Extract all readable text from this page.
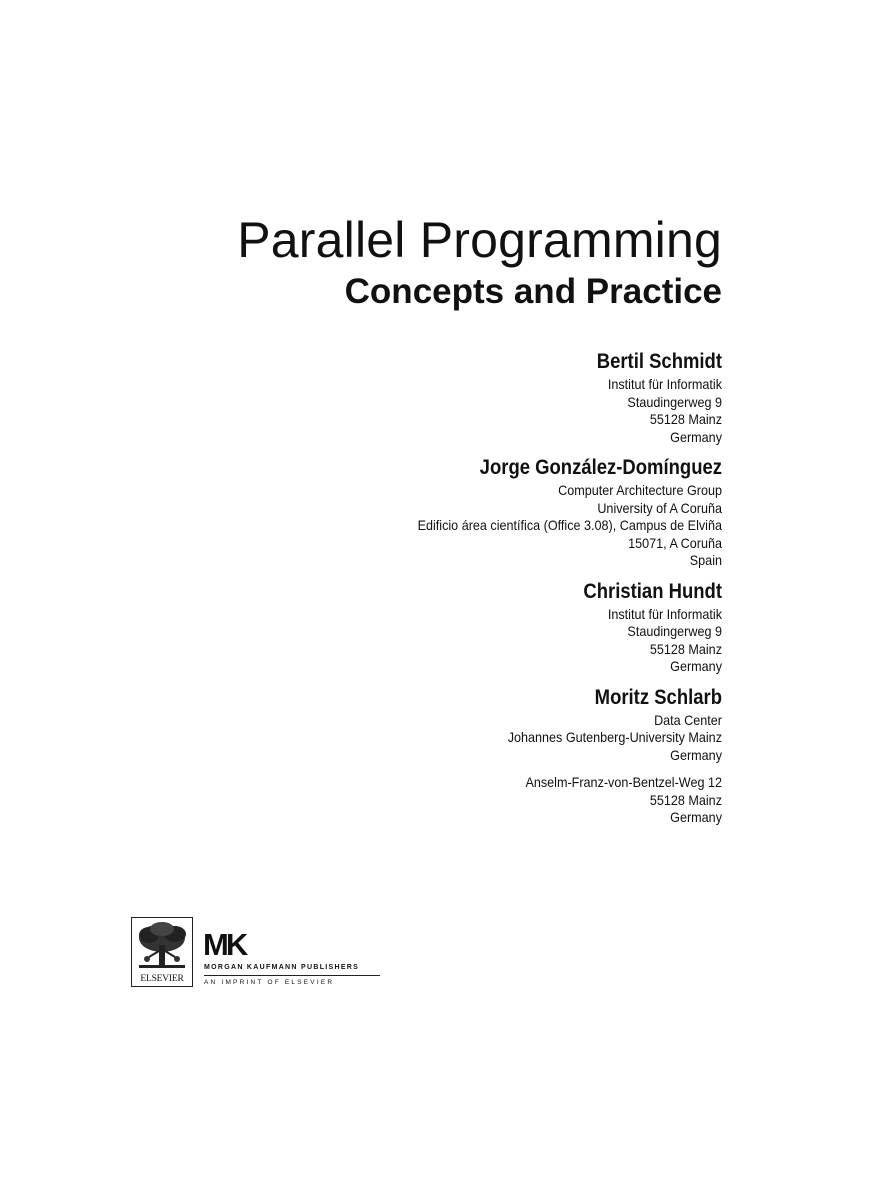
Parallel Programming
Concepts and Practice
Bertil Schmidt
Institut für Informatik
Staudingerweg 9
55128 Mainz
Germany
Jorge González-Domínguez
Computer Architecture Group
University of A Coruña
Edificio área científica (Office 3.08), Campus de Elviña
15071, A Coruña
Spain
Christian Hundt
Institut für Informatik
Staudingerweg 9
55128 Mainz
Germany
Moritz Schlarb
Data Center
Johannes Gutenberg-University Mainz
Germany
Anselm-Franz-von-Bentzel-Weg 12
55128 Mainz
Germany
ELSEVIER
MK
MORGAN KAUFMANN PUBLISHERS
AN IMPRINT OF ELSEVIER
